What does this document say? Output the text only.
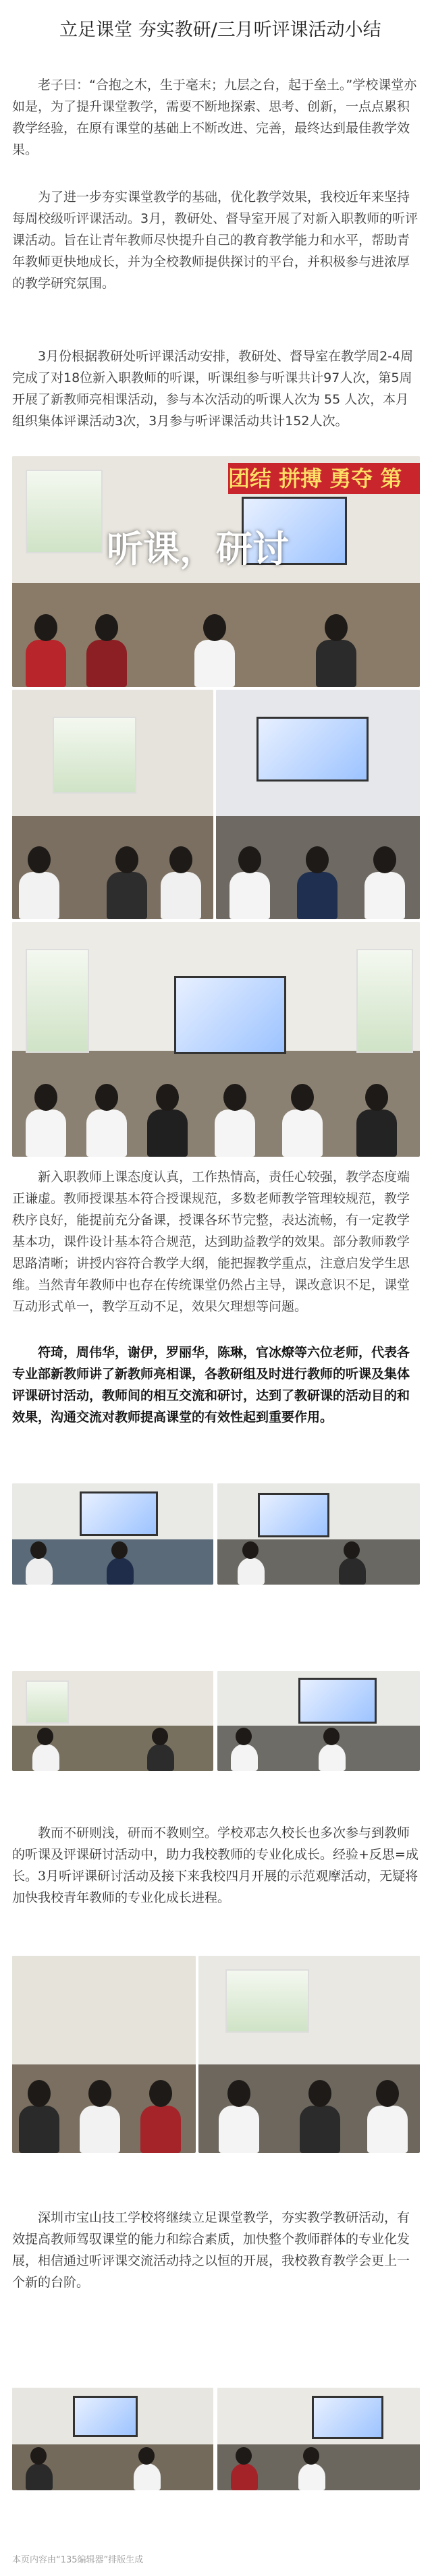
立足课堂 夯实教研/三月听评课活动小结

老子曰：“合抱之木，生于毫末；九层之台，起于垒土。”学校课堂亦如是，为了提升课堂教学，需要不断地探索、思考、创新，一点点累积教学经验，在原有课堂的基础上不断改进、完善，最终达到最佳教学效果。

为了进一步夯实课堂教学的基础，优化教学效果，我校近年来坚持每周校级听评课活动。3月，教研处、督导室开展了对新入职教师的听评课活动。旨在让青年教师尽快提升自己的教育教学能力和水平，帮助青年教师更快地成长，并为全校教师提供探讨的平台，并积极参与进浓厚的教学研究氛围。

3月份根据教研处听评课活动安排，教研处、督导室在教学周2-4周完成了对18位新入职教师的听课，听课组参与听课共计97人次，第5周开展了新教师亮相课活动，参与本次活动的听课人次为 55 人次，本月组织集体评课活动3次，3月参与听评课活动共计152人次。

团结 拼搏 勇夺 第
听课，研讨

新入职教师上课态度认真，工作热情高，责任心较强，教学态度端正谦虚。教师授课基本符合授课规范，多数老师教学管理较规范，教学秩序良好，能提前充分备课，授课各环节完整，表达流畅，有一定教学基本功，课件设计基本符合规范，达到助益教学的效果。部分教师教学思路清晰；讲授内容符合教学大纲，能把握教学重点，注意启发学生思维。当然青年教师中也存在传统课堂仍然占主导，课改意识不足，课堂互动形式单一，教学互动不足，效果欠理想等问题。

符琦，周伟华，谢伊，罗丽华，陈琳，官冰燎等六位老师，代表各专业部新教师讲了新教师亮相课，各教研组及时进行教师的听课及集体评课研讨活动，教师间的相互交流和研讨，达到了教研课的活动目的和效果，沟通交流对教师提高课堂的有效性起到重要作用。

教而不研则浅，研而不教则空。学校邓志久校长也多次参与到教师的听课及评课研讨活动中，助力我校教师的专业化成长。经验+反思=成长。3月听评课研讨活动及接下来我校四月开展的示范观摩活动，无疑将加快我校青年教师的专业化成长进程。

深圳市宝山技工学校将继续立足课堂教学，夯实教学教研活动，有效提高教师驾驭课堂的能力和综合素质，加快整个教师群体的专业化发展，相信通过听评课交流活动持之以恒的开展，我校教育教学会更上一个新的台阶。

本页内容由“135编辑器”排版生成
